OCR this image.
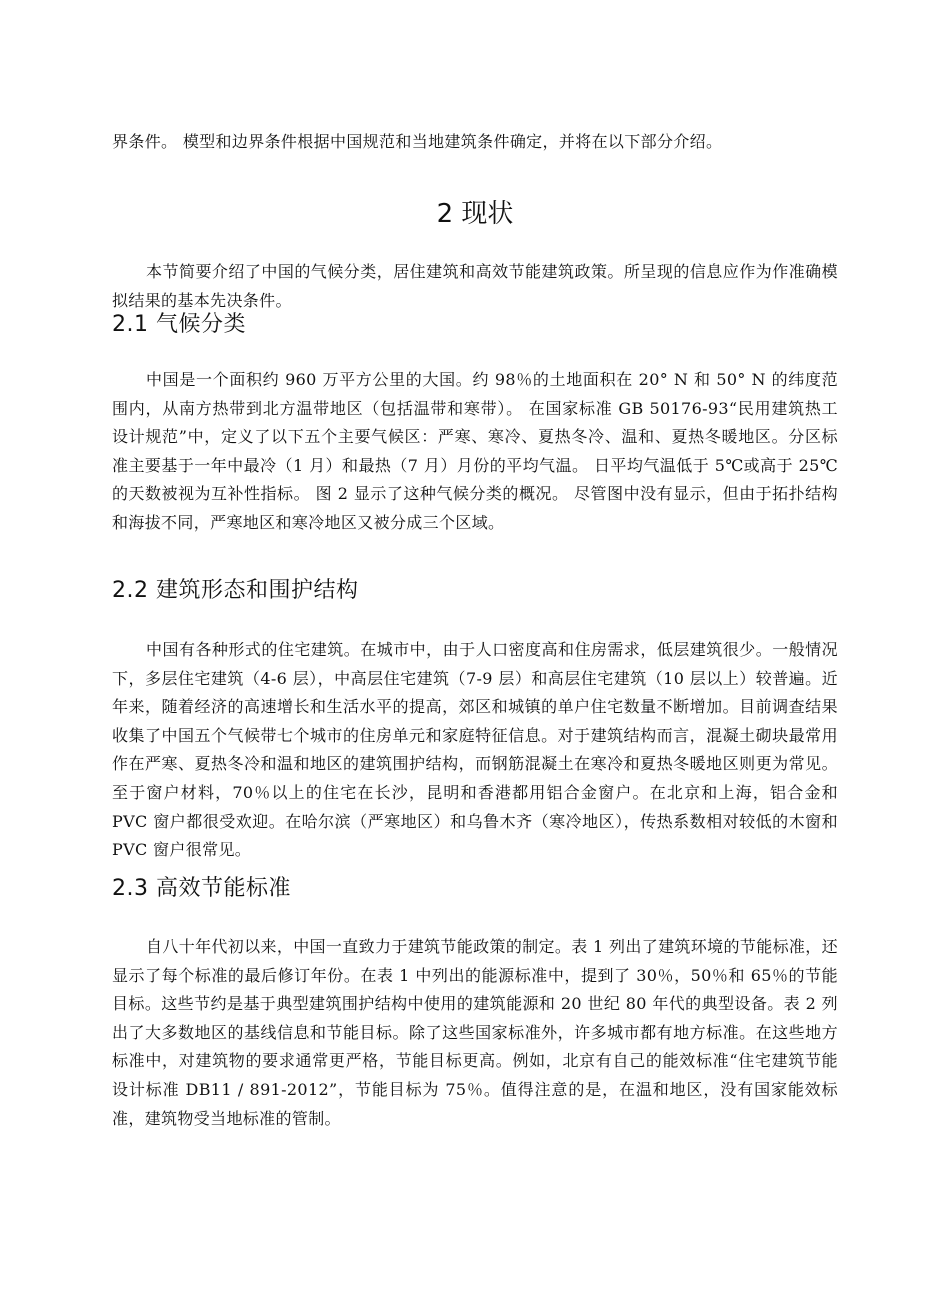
界条件。 模型和边界条件根据中国规范和当地建筑条件确定，并将在以下部分介绍。

2 现状

本节简要介绍了中国的气候分类，居住建筑和高效节能建筑政策。所呈现的信息应作为作准确模拟结果的基本先决条件。

2.1 气候分类

中国是一个面积约 960 万平方公里的大国。约 98％的土地面积在 20° N 和 50° N 的纬度范围内，从南方热带到北方温带地区（包括温带和寒带）。 在国家标准 GB 50176-93“民用建筑热工设计规范”中，定义了以下五个主要气候区：严寒、寒冷、夏热冬冷、温和、夏热冬暖地区。分区标准主要基于一年中最冷（1 月）和最热（7 月）月份的平均气温。 日平均气温低于 5℃或高于 25℃的天数被视为互补性指标。 图 2 显示了这种气候分类的概况。 尽管图中没有显示，但由于拓扑结构和海拔不同，严寒地区和寒冷地区又被分成三个区域。

2.2 建筑形态和围护结构

中国有各种形式的住宅建筑。在城市中，由于人口密度高和住房需求，低层建筑很少。一般情况下，多层住宅建筑（4-6 层），中高层住宅建筑（7-9 层）和高层住宅建筑（10 层以上）较普遍。近年来，随着经济的高速增长和生活水平的提高，郊区和城镇的单户住宅数量不断增加。目前调查结果收集了中国五个气候带七个城市的住房单元和家庭特征信息。对于建筑结构而言，混凝土砌块最常用作在严寒、夏热冬冷和温和地区的建筑围护结构，而钢筋混凝土在寒冷和夏热冬暖地区则更为常见。至于窗户材料，70％以上的住宅在长沙，昆明和香港都用铝合金窗户。在北京和上海，铝合金和 PVC 窗户都很受欢迎。在哈尔滨（严寒地区）和乌鲁木齐（寒冷地区），传热系数相对较低的木窗和 PVC 窗户很常见。

2.3 高效节能标准

自八十年代初以来，中国一直致力于建筑节能政策的制定。表 1 列出了建筑环境的节能标准，还显示了每个标准的最后修订年份。在表 1 中列出的能源标准中，提到了 30％，50％和 65％的节能目标。这些节约是基于典型建筑围护结构中使用的建筑能源和 20 世纪 80 年代的典型设备。表 2 列出了大多数地区的基线信息和节能目标。除了这些国家标准外，许多城市都有地方标准。在这些地方标准中，对建筑物的要求通常更严格，节能目标更高。例如，北京有自己的能效标准“住宅建筑节能设计标准 DB11 / 891-2012”，节能目标为 75％。值得注意的是，在温和地区，没有国家能效标准，建筑物受当地标准的管制。
